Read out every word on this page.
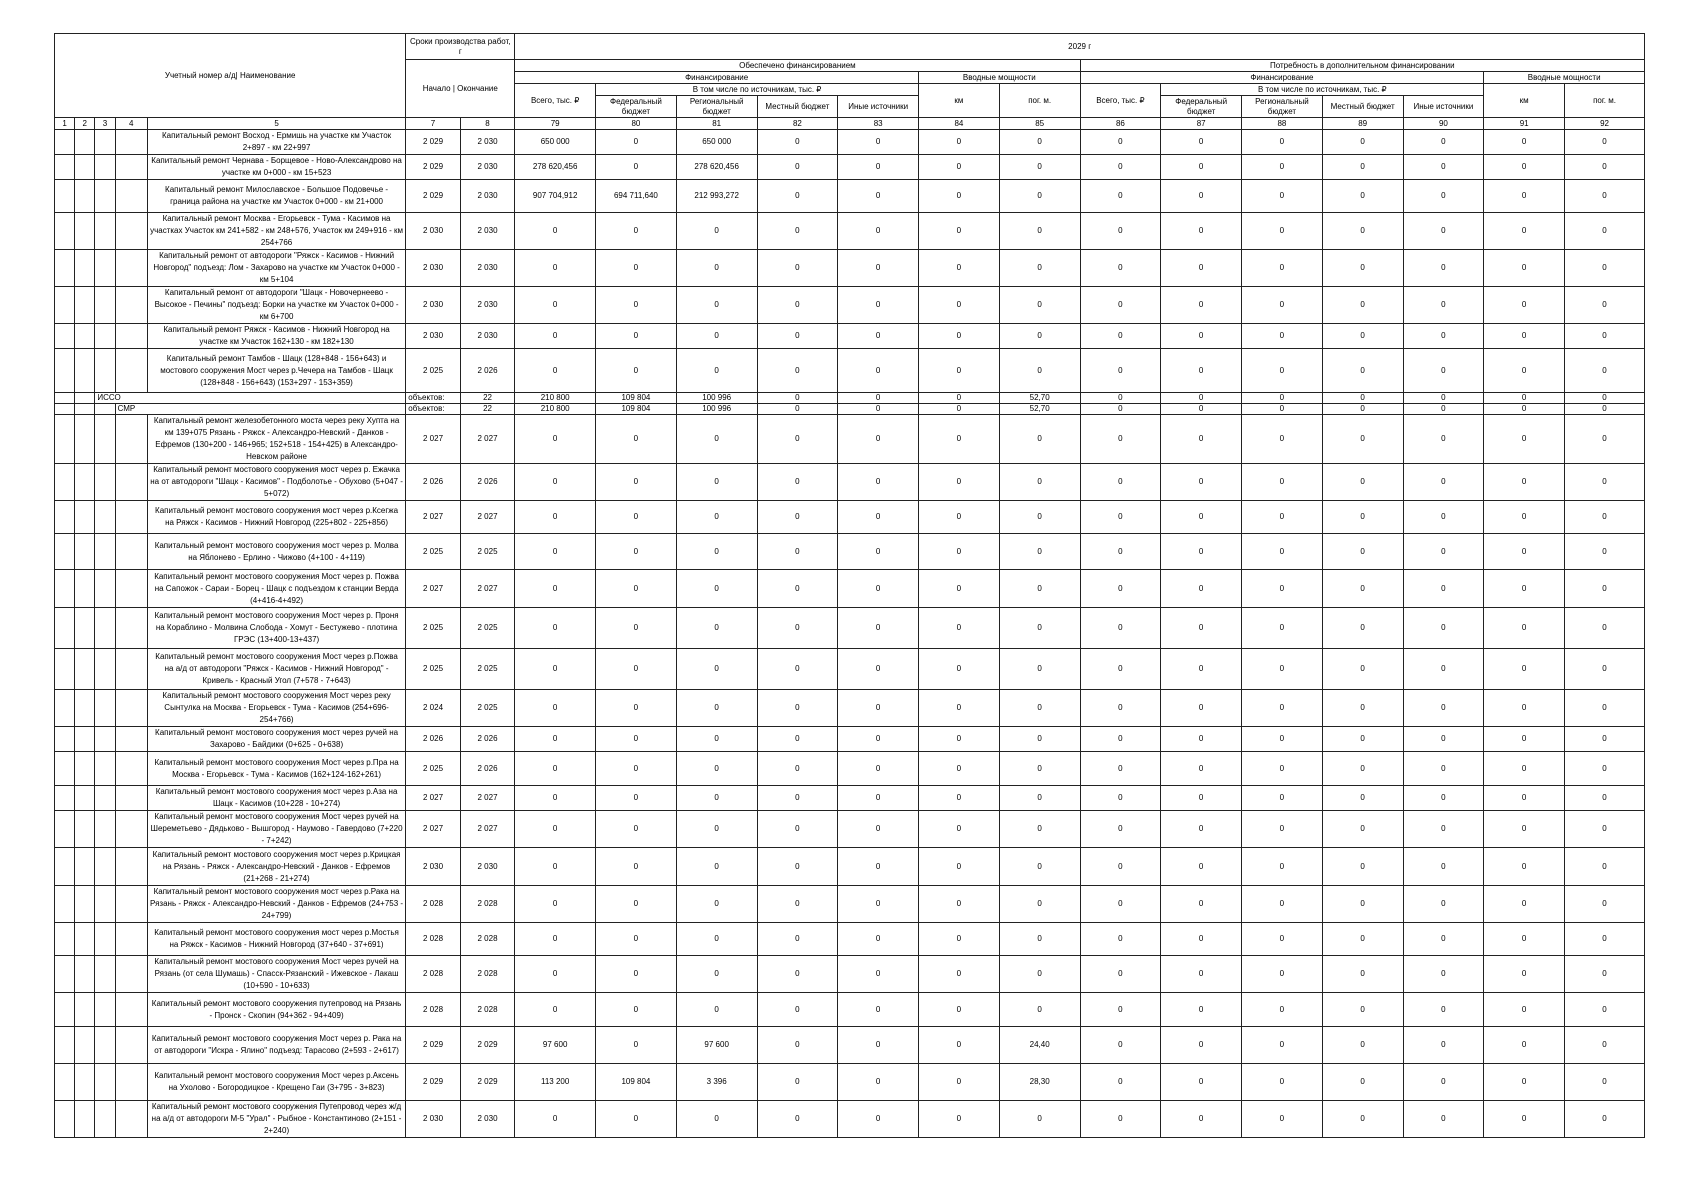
Учетный номер а/д| Наименование					Сроки производства работ, г		2029 г													
					Начало | Окончание		Обеспечено финансированием							Потребность в дополнительном финансировании						
							Финансирование					Вводные мощности		Финансирование					Вводные мощности	
							Всего, тыс. ₽	В том числе по источникам, тыс. ₽				км	пог. м.	Всего, тыс. ₽	В том числе по источникам, тыс. ₽				км	пог. м.
								Федеральный бюджет	Региональный бюджет	Местный бюджет	Иные источники				Федеральный бюджет	Региональный бюджет	Местный бюджет	Иные источники		
1	2	3	4	5	7	8	79	80	81	82	83	84	85	86	87	88	89	90	91	92
				Капитальный ремонт Восход - Ермишь на участке км Участок 2+897 - км 22+997	2 029	2 030	650 000	0	650 000	0	0	0	0	0	0	0	0	0	0	0
				Капитальный ремонт Чернава - Борщевое - Ново-Александрово на участке км 0+000 - км 15+523	2 029	2 030	278 620,456	0	278 620,456	0	0	0	0	0	0	0	0	0	0	0
				Капитальный ремонт Милославское - Большое Подовечье - граница района на участке км Участок 0+000 - км 21+000	2 029	2 030	907 704,912	694 711,640	212 993,272	0	0	0	0	0	0	0	0	0	0	0
				Капитальный ремонт Москва - Егорьевск - Тума - Касимов на участках Участок км 241+582 - км 248+576, Участок км 249+916 - км 254+766	2 030	2 030	0	0	0	0	0	0	0	0	0	0	0	0	0	0
				Капитальный ремонт от автодороги "Ряжск - Касимов - Нижний Новгород" подъезд: Лом - Захарово на участке км Участок 0+000 - км 5+104	2 030	2 030	0	0	0	0	0	0	0	0	0	0	0	0	0	0
				Капитальный ремонт от автодороги "Шацк - Новочернеево - Высокое - Печины" подъезд: Борки на участке км Участок 0+000 - км 6+700	2 030	2 030	0	0	0	0	0	0	0	0	0	0	0	0	0	0
				Капитальный ремонт Ряжск - Касимов - Нижний Новгород на участке км Участок 162+130 - км 182+130	2 030	2 030	0	0	0	0	0	0	0	0	0	0	0	0	0	0
				Капитальный ремонт Тамбов - Шацк (128+848 - 156+643) и мостового сооружения Мост через р.Чечера на Тамбов - Шацк (128+848 - 156+643) (153+297 - 153+359)	2 025	2 026	0	0	0	0	0	0	0	0	0	0	0	0	0	0
		ИССО			объектов:	22	210 800	109 804	100 996	0	0	0	52,70	0	0	0	0	0	0	0
			СМР		объектов:	22	210 800	109 804	100 996	0	0	0	52,70	0	0	0	0	0	0	0
				Капитальный ремонт железобетонного моста через реку Хупта на км 139+075 Рязань - Ряжск - Александро-Невский - Данков - Ефремов (130+200 - 146+965; 152+518 - 154+425) в Александро-Невском районе	2 027	2 027	0	0	0	0	0	0	0	0	0	0	0	0	0	0
				Капитальный ремонт мостового сооружения мост через р. Ежачка на от автодороги "Шацк - Касимов" - Подболотье - Обухово (5+047 - 5+072)	2 026	2 026	0	0	0	0	0	0	0	0	0	0	0	0	0	0
				Капитальный ремонт мостового сооружения мост через р.Ксегжа на Ряжск - Касимов - Нижний Новгород (225+802 - 225+856)	2 027	2 027	0	0	0	0	0	0	0	0	0	0	0	0	0	0
				Капитальный ремонт мостового сооружения мост через р. Молва на Яблонево - Ерлино - Чижово (4+100 - 4+119)	2 025	2 025	0	0	0	0	0	0	0	0	0	0	0	0	0	0
				Капитальный ремонт мостового сооружения Мост через р. Пожва на Сапожок - Сараи - Борец - Шацк с подъездом к станции Верда (4+416-4+492)	2 027	2 027	0	0	0	0	0	0	0	0	0	0	0	0	0	0
				Капитальный ремонт мостового сооружения Мост через р. Проня на Кораблино - Молвина Слобода - Хомут - Бестужево - плотина ГРЭС (13+400-13+437)	2 025	2 025	0	0	0	0	0	0	0	0	0	0	0	0	0	0
				Капитальный ремонт мостового сооружения Мост через р.Пожва на а/д от автодороги "Ряжск - Касимов - Нижний Новгород" - Кривель - Красный Угол (7+578 - 7+643)	2 025	2 025	0	0	0	0	0	0	0	0	0	0	0	0	0	0
				Капитальный ремонт мостового сооружения Мост через реку Сынтулка на Москва - Егорьевск - Тума - Касимов (254+696-254+766)	2 024	2 025	0	0	0	0	0	0	0	0	0	0	0	0	0	0
				Капитальный ремонт мостового сооружения мост через ручей на Захарово - Байдики (0+625 - 0+638)	2 026	2 026	0	0	0	0	0	0	0	0	0	0	0	0	0	0
				Капитальный ремонт мостового сооружения Мост через р.Пра на Москва - Егорьевск - Тума - Касимов (162+124-162+261)	2 025	2 026	0	0	0	0	0	0	0	0	0	0	0	0	0	0
				Капитальный ремонт мостового сооружения мост через р.Аза на Шацк - Касимов (10+228 - 10+274)	2 027	2 027	0	0	0	0	0	0	0	0	0	0	0	0	0	0
				Капитальный ремонт мостового сооружения Мост через ручей на Шереметьево - Дядьково - Вышгород - Наумово - Гавердово (7+220 - 7+242)	2 027	2 027	0	0	0	0	0	0	0	0	0	0	0	0	0	0
				Капитальный ремонт мостового сооружения мост через р.Крицкая на Рязань - Ряжск - Александро-Невский - Данков - Ефремов (21+268 - 21+274)	2 030	2 030	0	0	0	0	0	0	0	0	0	0	0	0	0	0
				Капитальный ремонт мостового сооружения мост через р.Рака на Рязань - Ряжск - Александро-Невский - Данков - Ефремов (24+753 - 24+799)	2 028	2 028	0	0	0	0	0	0	0	0	0	0	0	0	0	0
				Капитальный ремонт мостового сооружения мост через р.Мостья на Ряжск - Касимов - Нижний Новгород (37+640 - 37+691)	2 028	2 028	0	0	0	0	0	0	0	0	0	0	0	0	0	0
				Капитальный ремонт мостового сооружения Мост через ручей на Рязань (от села Шумашь) - Спасск-Рязанский - Ижевское - Лакаш (10+590 - 10+633)	2 028	2 028	0	0	0	0	0	0	0	0	0	0	0	0	0	0
				Капитальный ремонт мостового сооружения путепровод на Рязань - Пронск - Скопин (94+362 - 94+409)	2 028	2 028	0	0	0	0	0	0	0	0	0	0	0	0	0	0
				Капитальный ремонт мостового сооружения Мост через р. Рака на от автодороги "Искра - Ялино" подъезд: Тарасово (2+593 - 2+617)	2 029	2 029	97 600	0	97 600	0	0	0	24,40	0	0	0	0	0	0	0
				Капитальный ремонт мостового сооружения Мост через р.Аксень на Ухолово - Богородицкое - Крещено Гаи (3+795 - 3+823)	2 029	2 029	113 200	109 804	3 396	0	0	0	28,30	0	0	0	0	0	0	0
				Капитальный ремонт мостового сооружения Путепровод через ж/д на а/д от автодороги М-5 "Урал" - Рыбное - Константиново (2+151 - 2+240)	2 030	2 030	0	0	0	0	0	0	0	0	0	0	0	0	0	0
